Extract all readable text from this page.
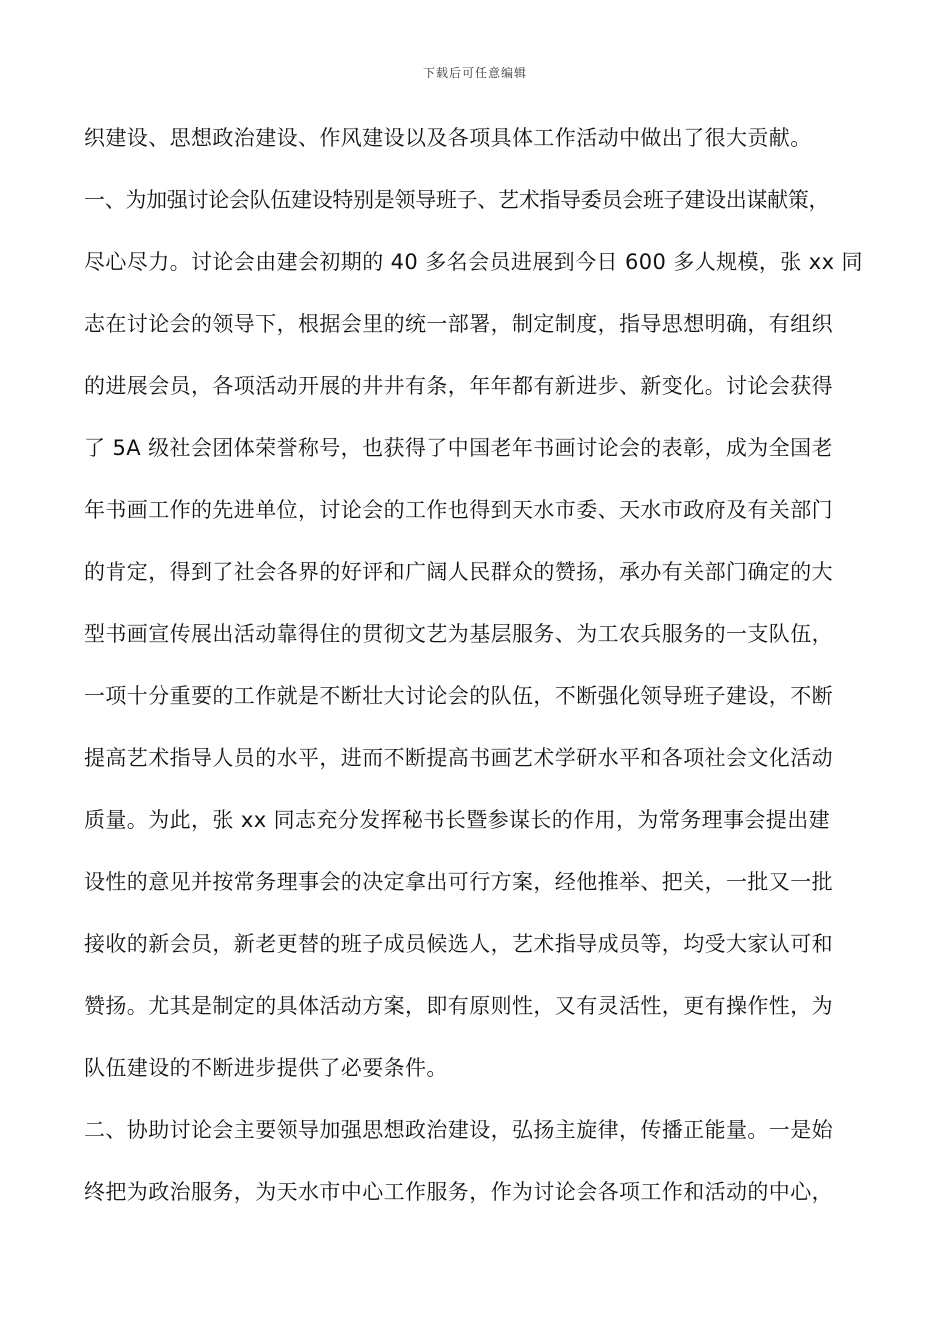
下载后可任意编辑
织建设、思想政治建设、作风建设以及各项具体工作活动中做出了很大贡献。
一、为加强讨论会队伍建设特别是领导班子、艺术指导委员会班子建设出谋献策，
尽心尽力。讨论会由建会初期的 40 多名会员进展到今日 600 多人规模，张 xx 同
志在讨论会的领导下，根据会里的统一部署，制定制度，指导思想明确，有组织
的进展会员，各项活动开展的井井有条，年年都有新进步、新变化。讨论会获得
了 5A 级社会团体荣誉称号，也获得了中国老年书画讨论会的表彰，成为全国老
年书画工作的先进单位，讨论会的工作也得到天水市委、天水市政府及有关部门
的肯定，得到了社会各界的好评和广阔人民群众的赞扬，承办有关部门确定的大
型书画宣传展出活动靠得住的贯彻文艺为基层服务、为工农兵服务的一支队伍，
一项十分重要的工作就是不断壮大讨论会的队伍，不断强化领导班子建设，不断
提高艺术指导人员的水平，进而不断提高书画艺术学研水平和各项社会文化活动
质量。为此，张 xx 同志充分发挥秘书长暨参谋长的作用，为常务理事会提出建
设性的意见并按常务理事会的决定拿出可行方案，经他推举、把关，一批又一批
接收的新会员，新老更替的班子成员候选人，艺术指导成员等，均受大家认可和
赞扬。尤其是制定的具体活动方案，即有原则性，又有灵活性，更有操作性，为
队伍建设的不断进步提供了必要条件。
二、协助讨论会主要领导加强思想政治建设，弘扬主旋律，传播正能量。一是始
终把为政治服务，为天水市中心工作服务，作为讨论会各项工作和活动的中心，
